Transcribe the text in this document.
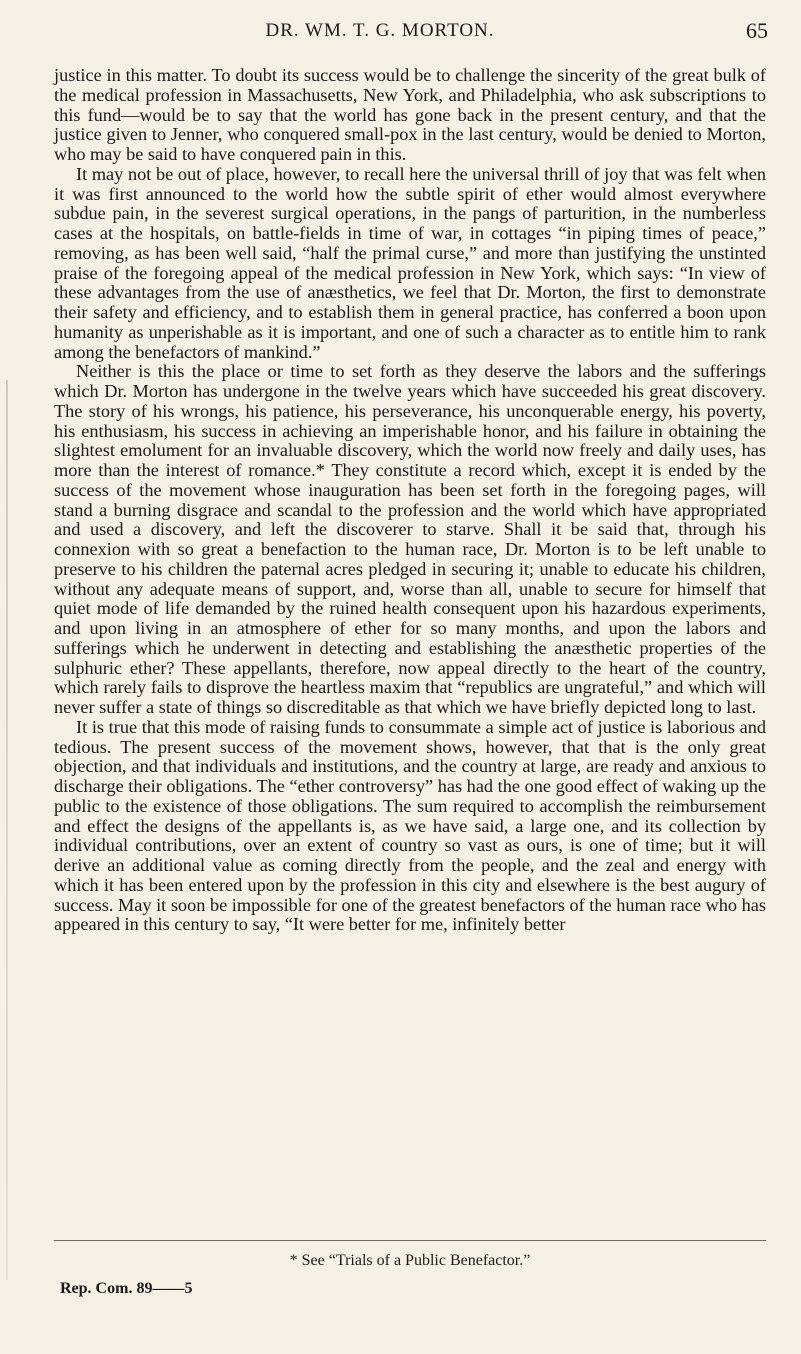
DR. WM. T. G. MORTON.	65

justice in this matter. To doubt its success would be to challenge the sincerity of the great bulk of the medical profession in Massachusetts, New York, and Philadelphia, who ask subscriptions to this fund—would be to say that the world has gone back in the present century, and that the justice given to Jenner, who conquered small-pox in the last century, would be denied to Morton, who may be said to have conquered pain in this.

It may not be out of place, however, to recall here the universal thrill of joy that was felt when it was first announced to the world how the subtle spirit of ether would almost everywhere subdue pain, in the severest surgical operations, in the pangs of parturition, in the numberless cases at the hospitals, on battle-fields in time of war, in cottages “in piping times of peace,” removing, as has been well said, “half the primal curse,” and more than justifying the unstinted praise of the foregoing appeal of the medical profession in New York, which says: “In view of these advantages from the use of anæsthetics, we feel that Dr. Morton, the first to demonstrate their safety and efficiency, and to establish them in general practice, has conferred a boon upon humanity as unperishable as it is important, and one of such a character as to entitle him to rank among the benefactors of mankind.”

Neither is this the place or time to set forth as they deserve the labors and the sufferings which Dr. Morton has undergone in the twelve years which have succeeded his great discovery. The story of his wrongs, his patience, his perseverance, his unconquerable energy, his poverty, his enthusiasm, his success in achieving an imperishable honor, and his failure in obtaining the slightest emolument for an invaluable discovery, which the world now freely and daily uses, has more than the interest of romance.* They constitute a record which, except it is ended by the success of the movement whose inauguration has been set forth in the foregoing pages, will stand a burning disgrace and scandal to the profession and the world which have appropriated and used a discovery, and left the discoverer to starve. Shall it be said that, through his connexion with so great a benefaction to the human race, Dr. Morton is to be left unable to preserve to his children the paternal acres pledged in securing it; unable to educate his children, without any adequate means of support, and, worse than all, unable to secure for himself that quiet mode of life demanded by the ruined health consequent upon his hazardous experiments, and upon living in an atmosphere of ether for so many months, and upon the labors and sufferings which he underwent in detecting and establishing the anæsthetic properties of the sulphuric ether? These appellants, therefore, now appeal directly to the heart of the country, which rarely fails to disprove the heartless maxim that “republics are ungrateful,” and which will never suffer a state of things so discreditable as that which we have briefly depicted long to last.

It is true that this mode of raising funds to consummate a simple act of justice is laborious and tedious. The present success of the movement shows, however, that that is the only great objection, and that individuals and institutions, and the country at large, are ready and anxious to discharge their obligations. The “ether controversy” has had the one good effect of waking up the public to the existence of those obligations. The sum required to accomplish the reimbursement and effect the designs of the appellants is, as we have said, a large one, and its collection by individual contributions, over an extent of country so vast as ours, is one of time; but it will derive an additional value as coming directly from the people, and the zeal and energy with which it has been entered upon by the profession in this city and elsewhere is the best augury of success. May it soon be impossible for one of the greatest benefactors of the human race who has appeared in this century to say, “It were better for me, infinitely better

* See “Trials of a Public Benefactor.”
Rep. Com. 89——5
